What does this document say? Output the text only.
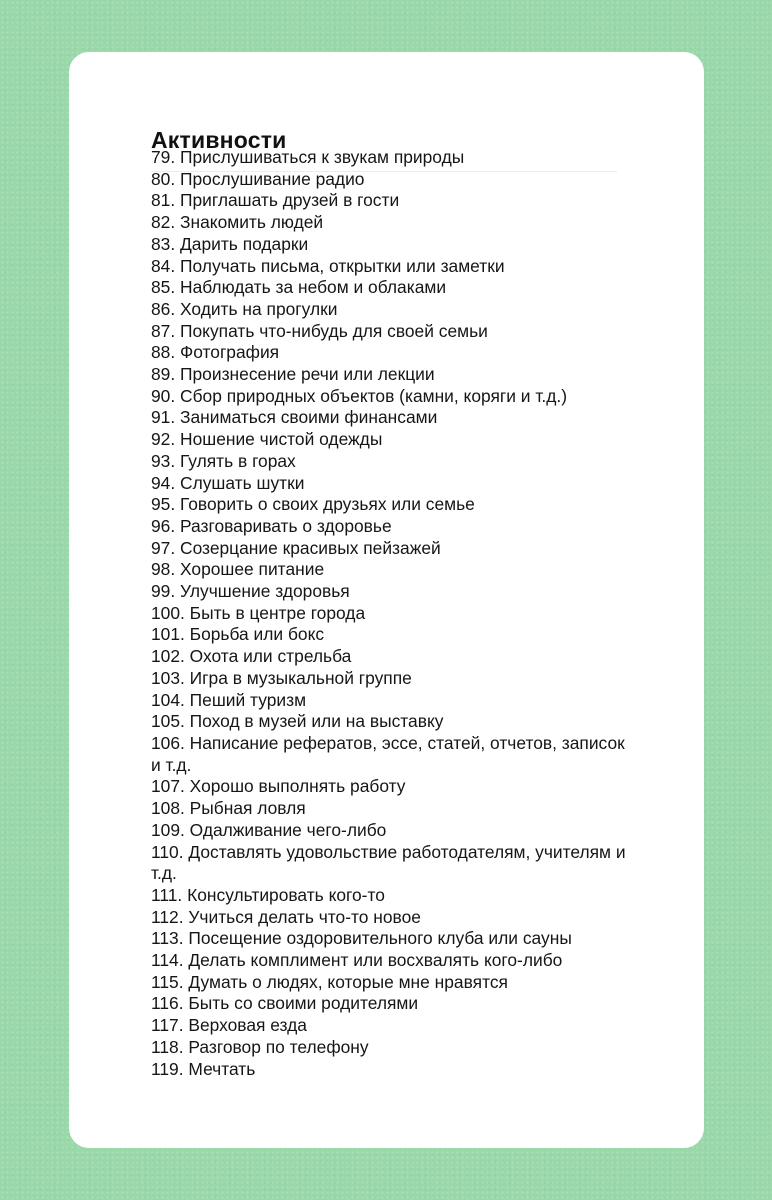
Активности
79. Прислушиваться к звукам природы
80. Прослушивание радио
81. Приглашать друзей в гости
82. Знакомить людей
83. Дарить подарки
84. Получать письма, открытки или заметки
85. Наблюдать за небом и облаками
86. Ходить на прогулки
87. Покупать что-нибудь для своей семьи
88. Фотография
89. Произнесение речи или лекции
90. Сбор природных объектов (камни, коряги и т.д.)
91. Заниматься своими финансами
92. Ношение чистой одежды
93. Гулять в горах
94. Слушать шутки
95. Говорить о своих друзьях или семье
96. Разговаривать о здоровье
97. Созерцание красивых пейзажей
98. Хорошее питание
99. Улучшение здоровья
100. Быть в центре города
101. Борьба или бокс
102. Охота или стрельба
103. Игра в музыкальной группе
104. Пеший туризм
105. Поход в музей или на выставку
106. Написание рефератов, эссе, статей, отчетов, записок и т.д.
107. Хорошо выполнять работу
108. Рыбная ловля
109. Одалживание чего-либо
110. Доставлять удовольствие работодателям, учителям и т.д.
111. Консультировать кого-то
112. Учиться делать что-то новое
113. Посещение оздоровительного клуба или сауны
114. Делать комплимент или восхвалять кого-либо
115. Думать о людях, которые мне нравятся
116. Быть со своими родителями
117. Верховая езда
118. Разговор по телефону
119. Мечтать
